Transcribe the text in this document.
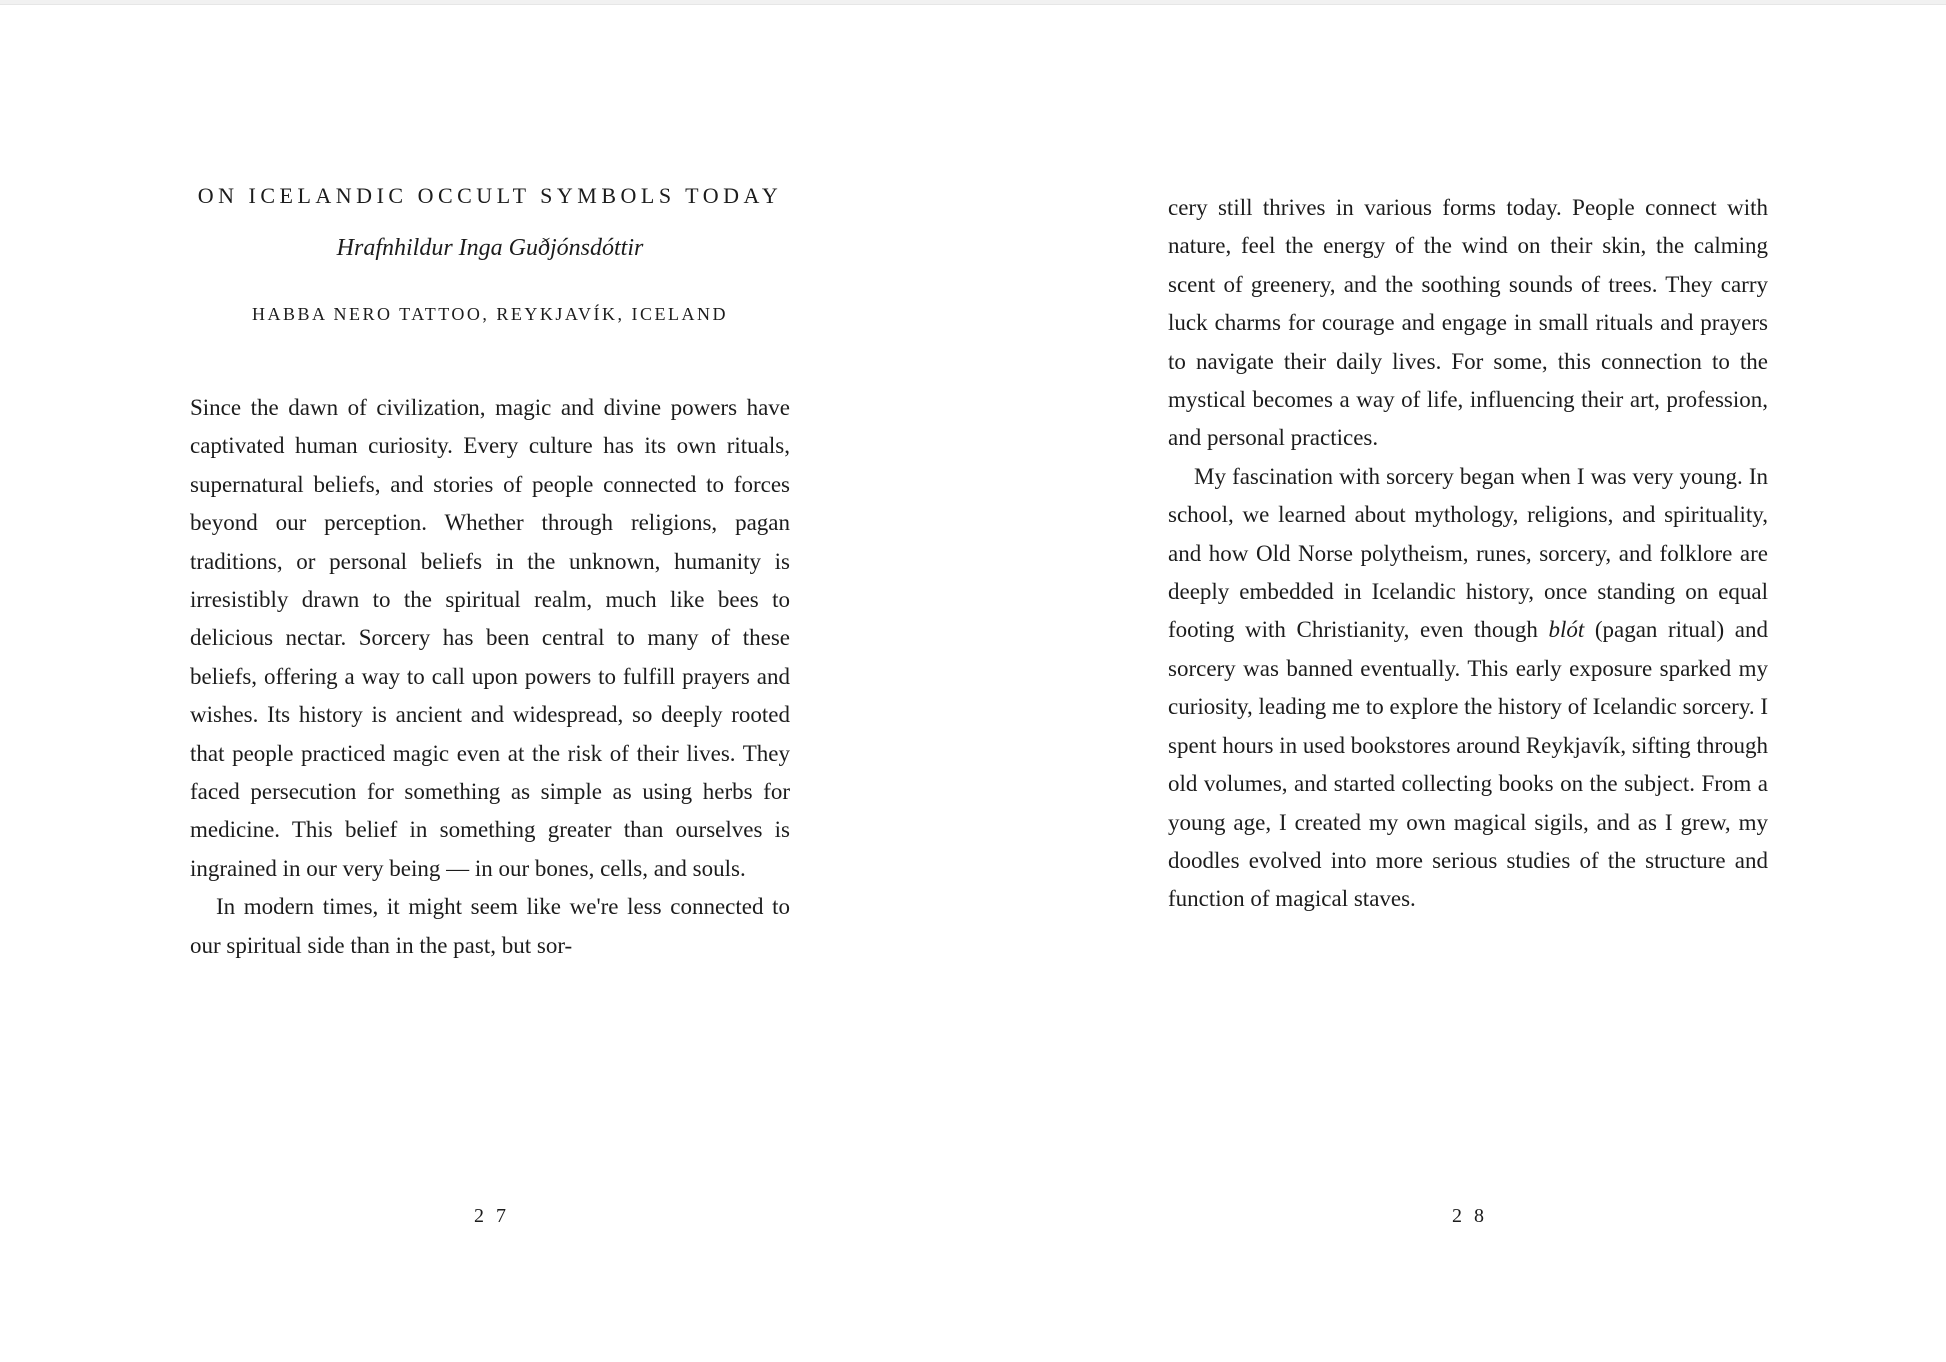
ON ICELANDIC OCCULT SYMBOLS TODAY
Hrafnhildur Inga Guðjónsdóttir
HABBA NERO TATTOO, REYKJAVÍK, ICELAND

Since the dawn of civilization, magic and divine powers have captivated human curiosity. Every culture has its own rituals, supernatural beliefs, and stories of people connected to forces beyond our perception. Whether through religions, pagan traditions, or personal beliefs in the unknown, humanity is irresistibly drawn to the spiritual realm, much like bees to delicious nectar. Sorcery has been central to many of these beliefs, offering a way to call upon powers to fulfill prayers and wishes. Its history is ancient and widespread, so deeply rooted that people practiced magic even at the risk of their lives. They faced persecution for something as simple as using herbs for medicine. This belief in something greater than ourselves is ingrained in our very being — in our bones, cells, and souls.

In modern times, it might seem like we're less connected to our spiritual side than in the past, but sor-

27

cery still thrives in various forms today. People connect with nature, feel the energy of the wind on their skin, the calming scent of greenery, and the soothing sounds of trees. They carry luck charms for courage and engage in small rituals and prayers to navigate their daily lives. For some, this connection to the mystical becomes a way of life, influencing their art, profession, and personal practices.

My fascination with sorcery began when I was very young. In school, we learned about mythology, religions, and spirituality, and how Old Norse polytheism, runes, sorcery, and folklore are deeply embedded in Icelandic history, once standing on equal footing with Christianity, even though blót (pagan ritual) and sorcery was banned eventually. This early exposure sparked my curiosity, leading me to explore the history of Icelandic sorcery. I spent hours in used bookstores around Reykjavík, sifting through old volumes, and started collecting books on the subject. From a young age, I created my own magical sigils, and as I grew, my doodles evolved into more serious studies of the structure and function of magical staves.

28
